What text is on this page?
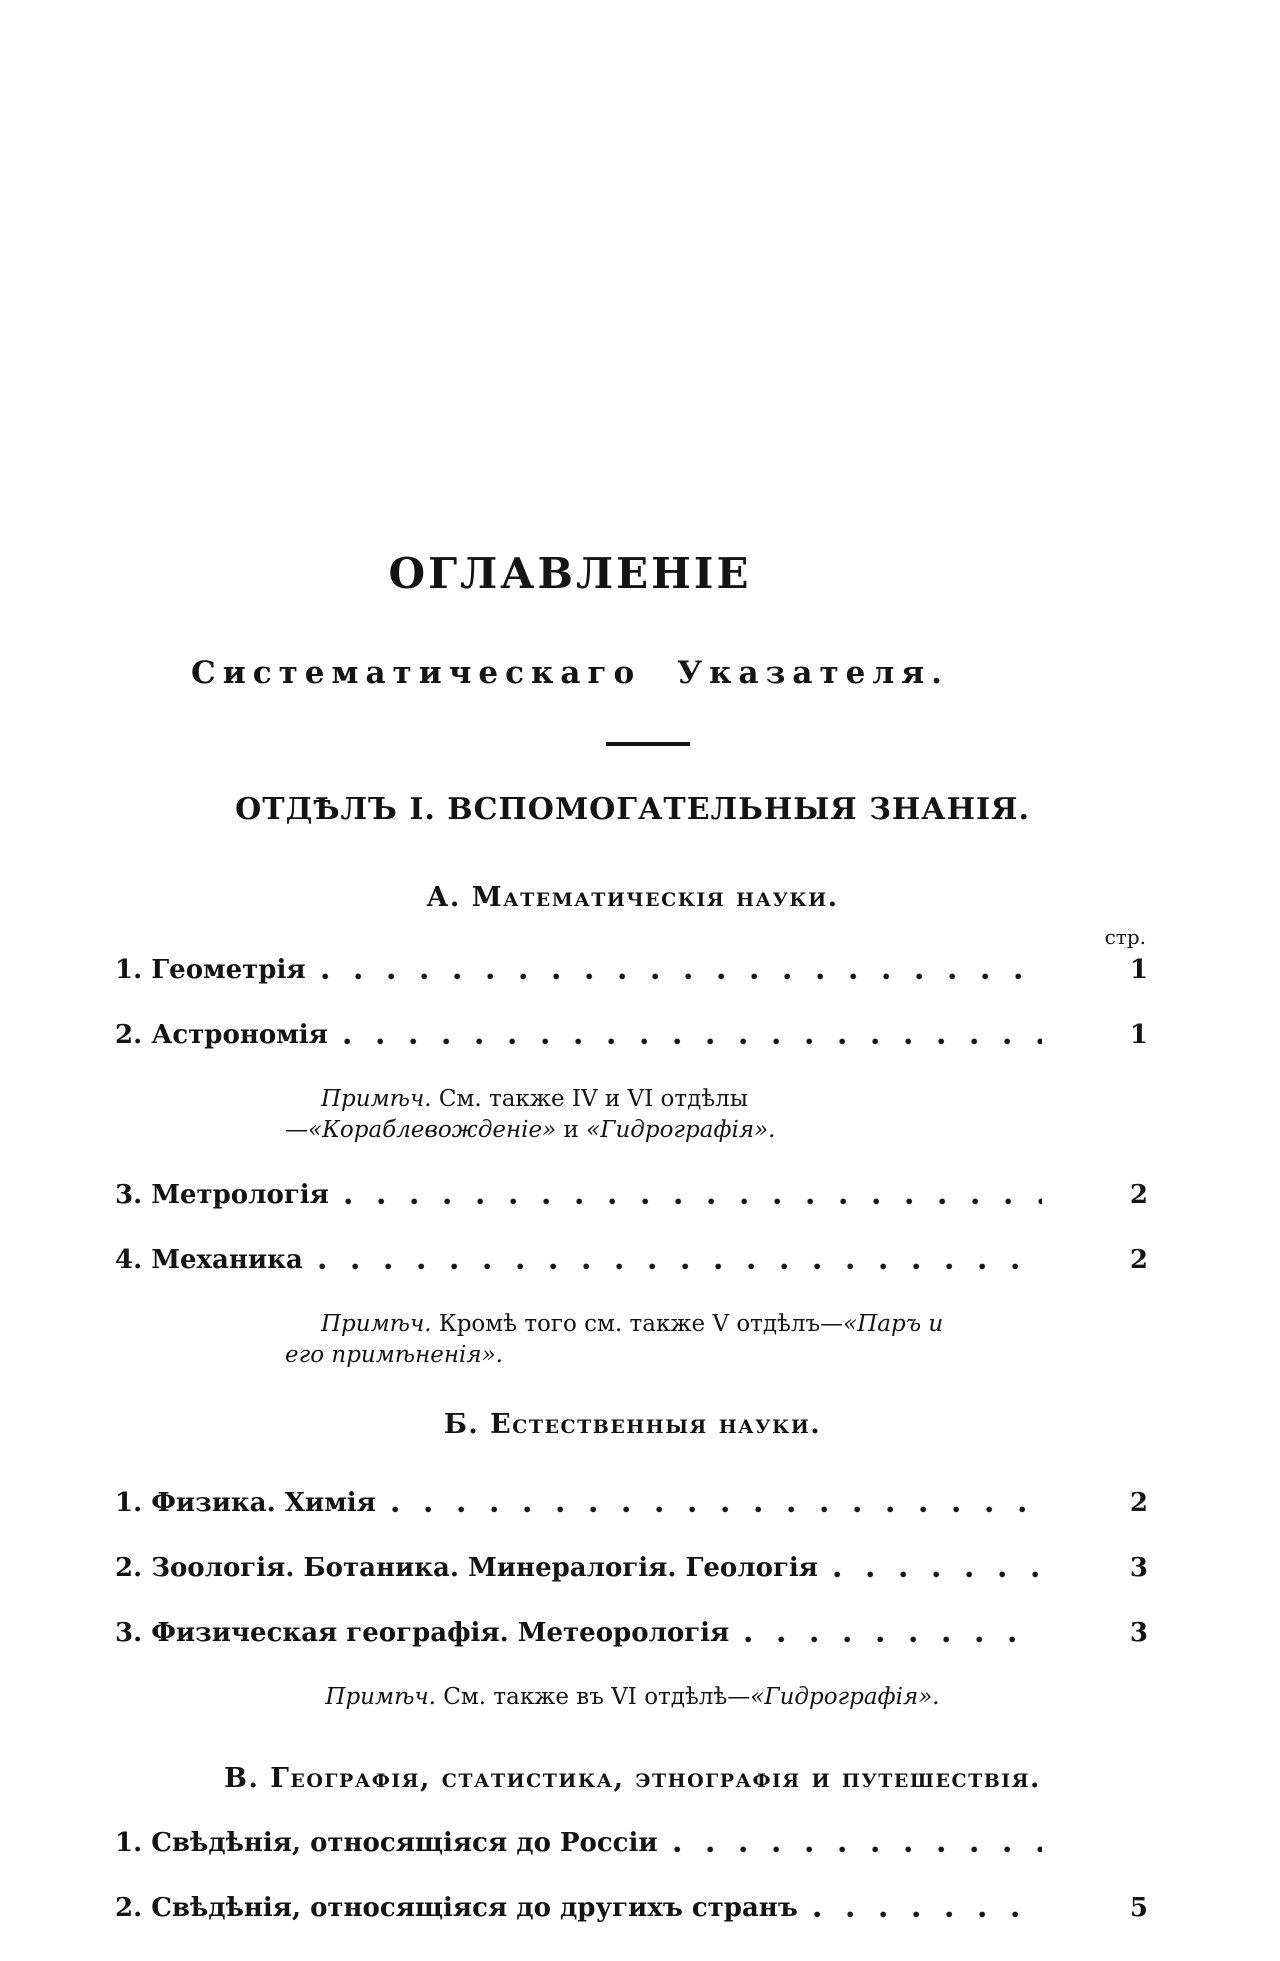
ОГЛАВЛЕНІЕ
Систематическаго Указателя.
ОТДѢЛЪ I. ВСПОМОГАТЕЛЬНЫЯ ЗНАНІЯ.
А. Математическія науки.
стр.
1. Геометрія	1
2. Астрономія	1
Примѣч. См. также IV и VI отдѣлы—«Кораблевожденіе» и «Гидрографія».
3. Метрологія	2
4. Механика	2
Примѣч. Кромѣ того см. также V отдѣлъ—«Паръ и его примѣненія».
Б. Естественныя науки.
1. Физика. Химія	2
2. Зоологія. Ботаника. Минералогія. Геологія	3
3. Физическая географія. Метеорологія	3
Примѣч. См. также въ VI отдѣлѣ—«Гидрографія».
В. Географія, статистика, этнографія и путешествія.
1. Свѣдѣнія, относящіяся до Россіи
2. Свѣдѣнія, относящіяся до другихъ странъ	5
